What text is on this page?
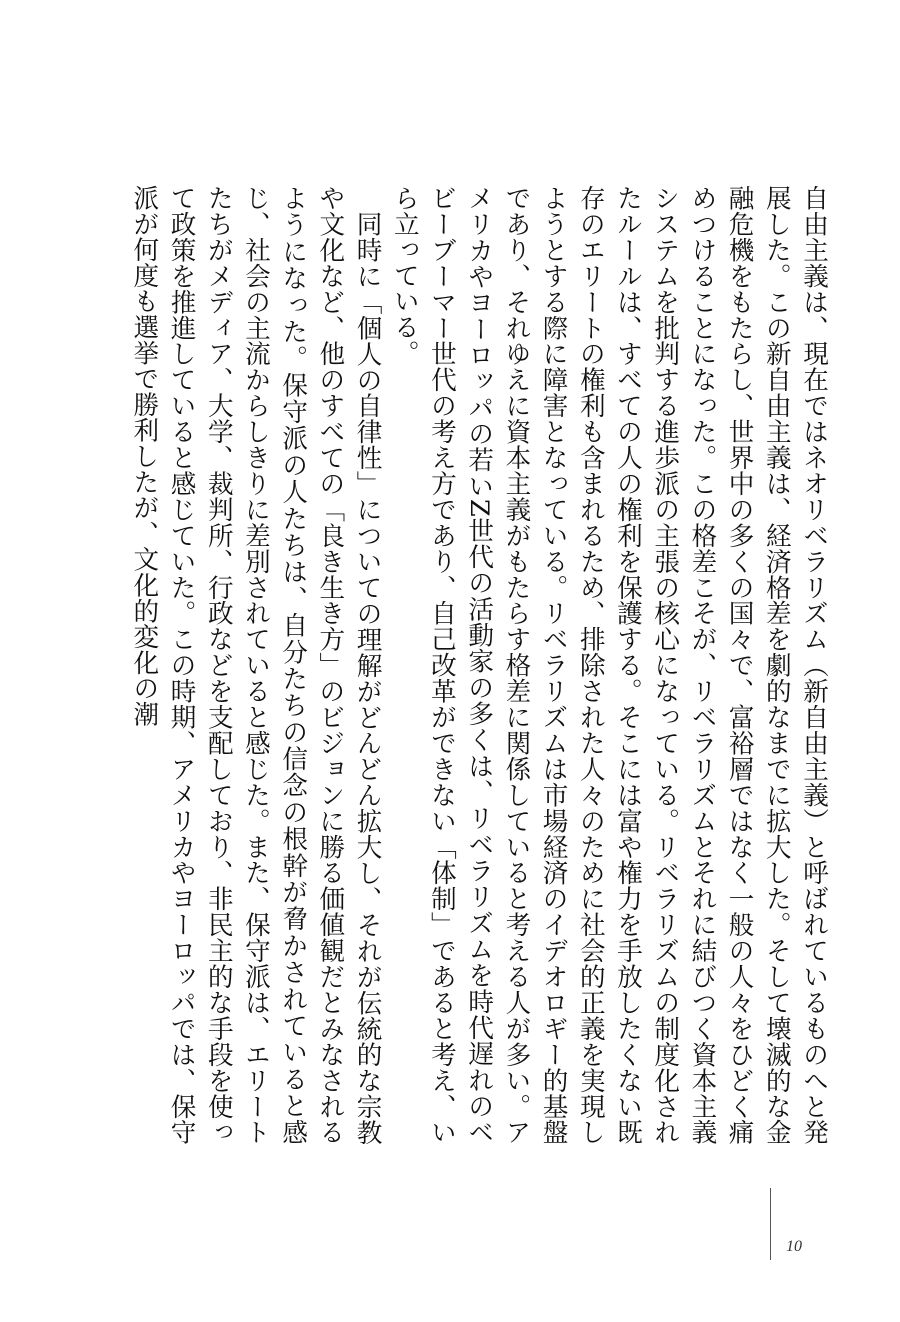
自由主義は、現在ではネオリベラリズム（新自由主義）と呼ばれているものへと発展した。この新自由主義は、経済格差を劇的なまでに拡大した。そして壊滅的な金融危機をもたらし、世界中の多くの国々で、富裕層ではなく一般の人々をひどく痛めつけることになった。この格差こそが、リベラリズムとそれに結びつく資本主義システムを批判する進歩派の主張の核心になっている。リベラリズムの制度化されたルールは、すべての人の権利を保護する。そこには富や権力を手放したくない既存のエリートの権利も含まれるため、排除された人々のために社会的正義を実現しようとする際に障害となっている。リベラリズムは市場経済のイデオロギー的基盤であり、それゆえに資本主義がもたらす格差に関係していると考える人が多い。アメリカやヨーロッパの若いZ世代の活動家の多くは、リベラリズムを時代遅れのベビーブーマー世代の考え方であり、自己改革ができない「体制」であると考え、いら立っている。

同時に「個人の自律性」についての理解がどんどん拡大し、それが伝統的な宗教や文化など、他のすべての「良き生き方」のビジョンに勝る価値観だとみなされるようになった。保守派の人たちは、自分たちの信念の根幹が脅かされていると感じ、社会の主流からしきりに差別されていると感じた。また、保守派は、エリートたちがメディア、大学、裁判所、行政などを支配しており、非民主的な手段を使って政策を推進していると感じていた。この時期、アメリカやヨーロッパでは、保守派が何度も選挙で勝利したが、文化的変化の潮

10
